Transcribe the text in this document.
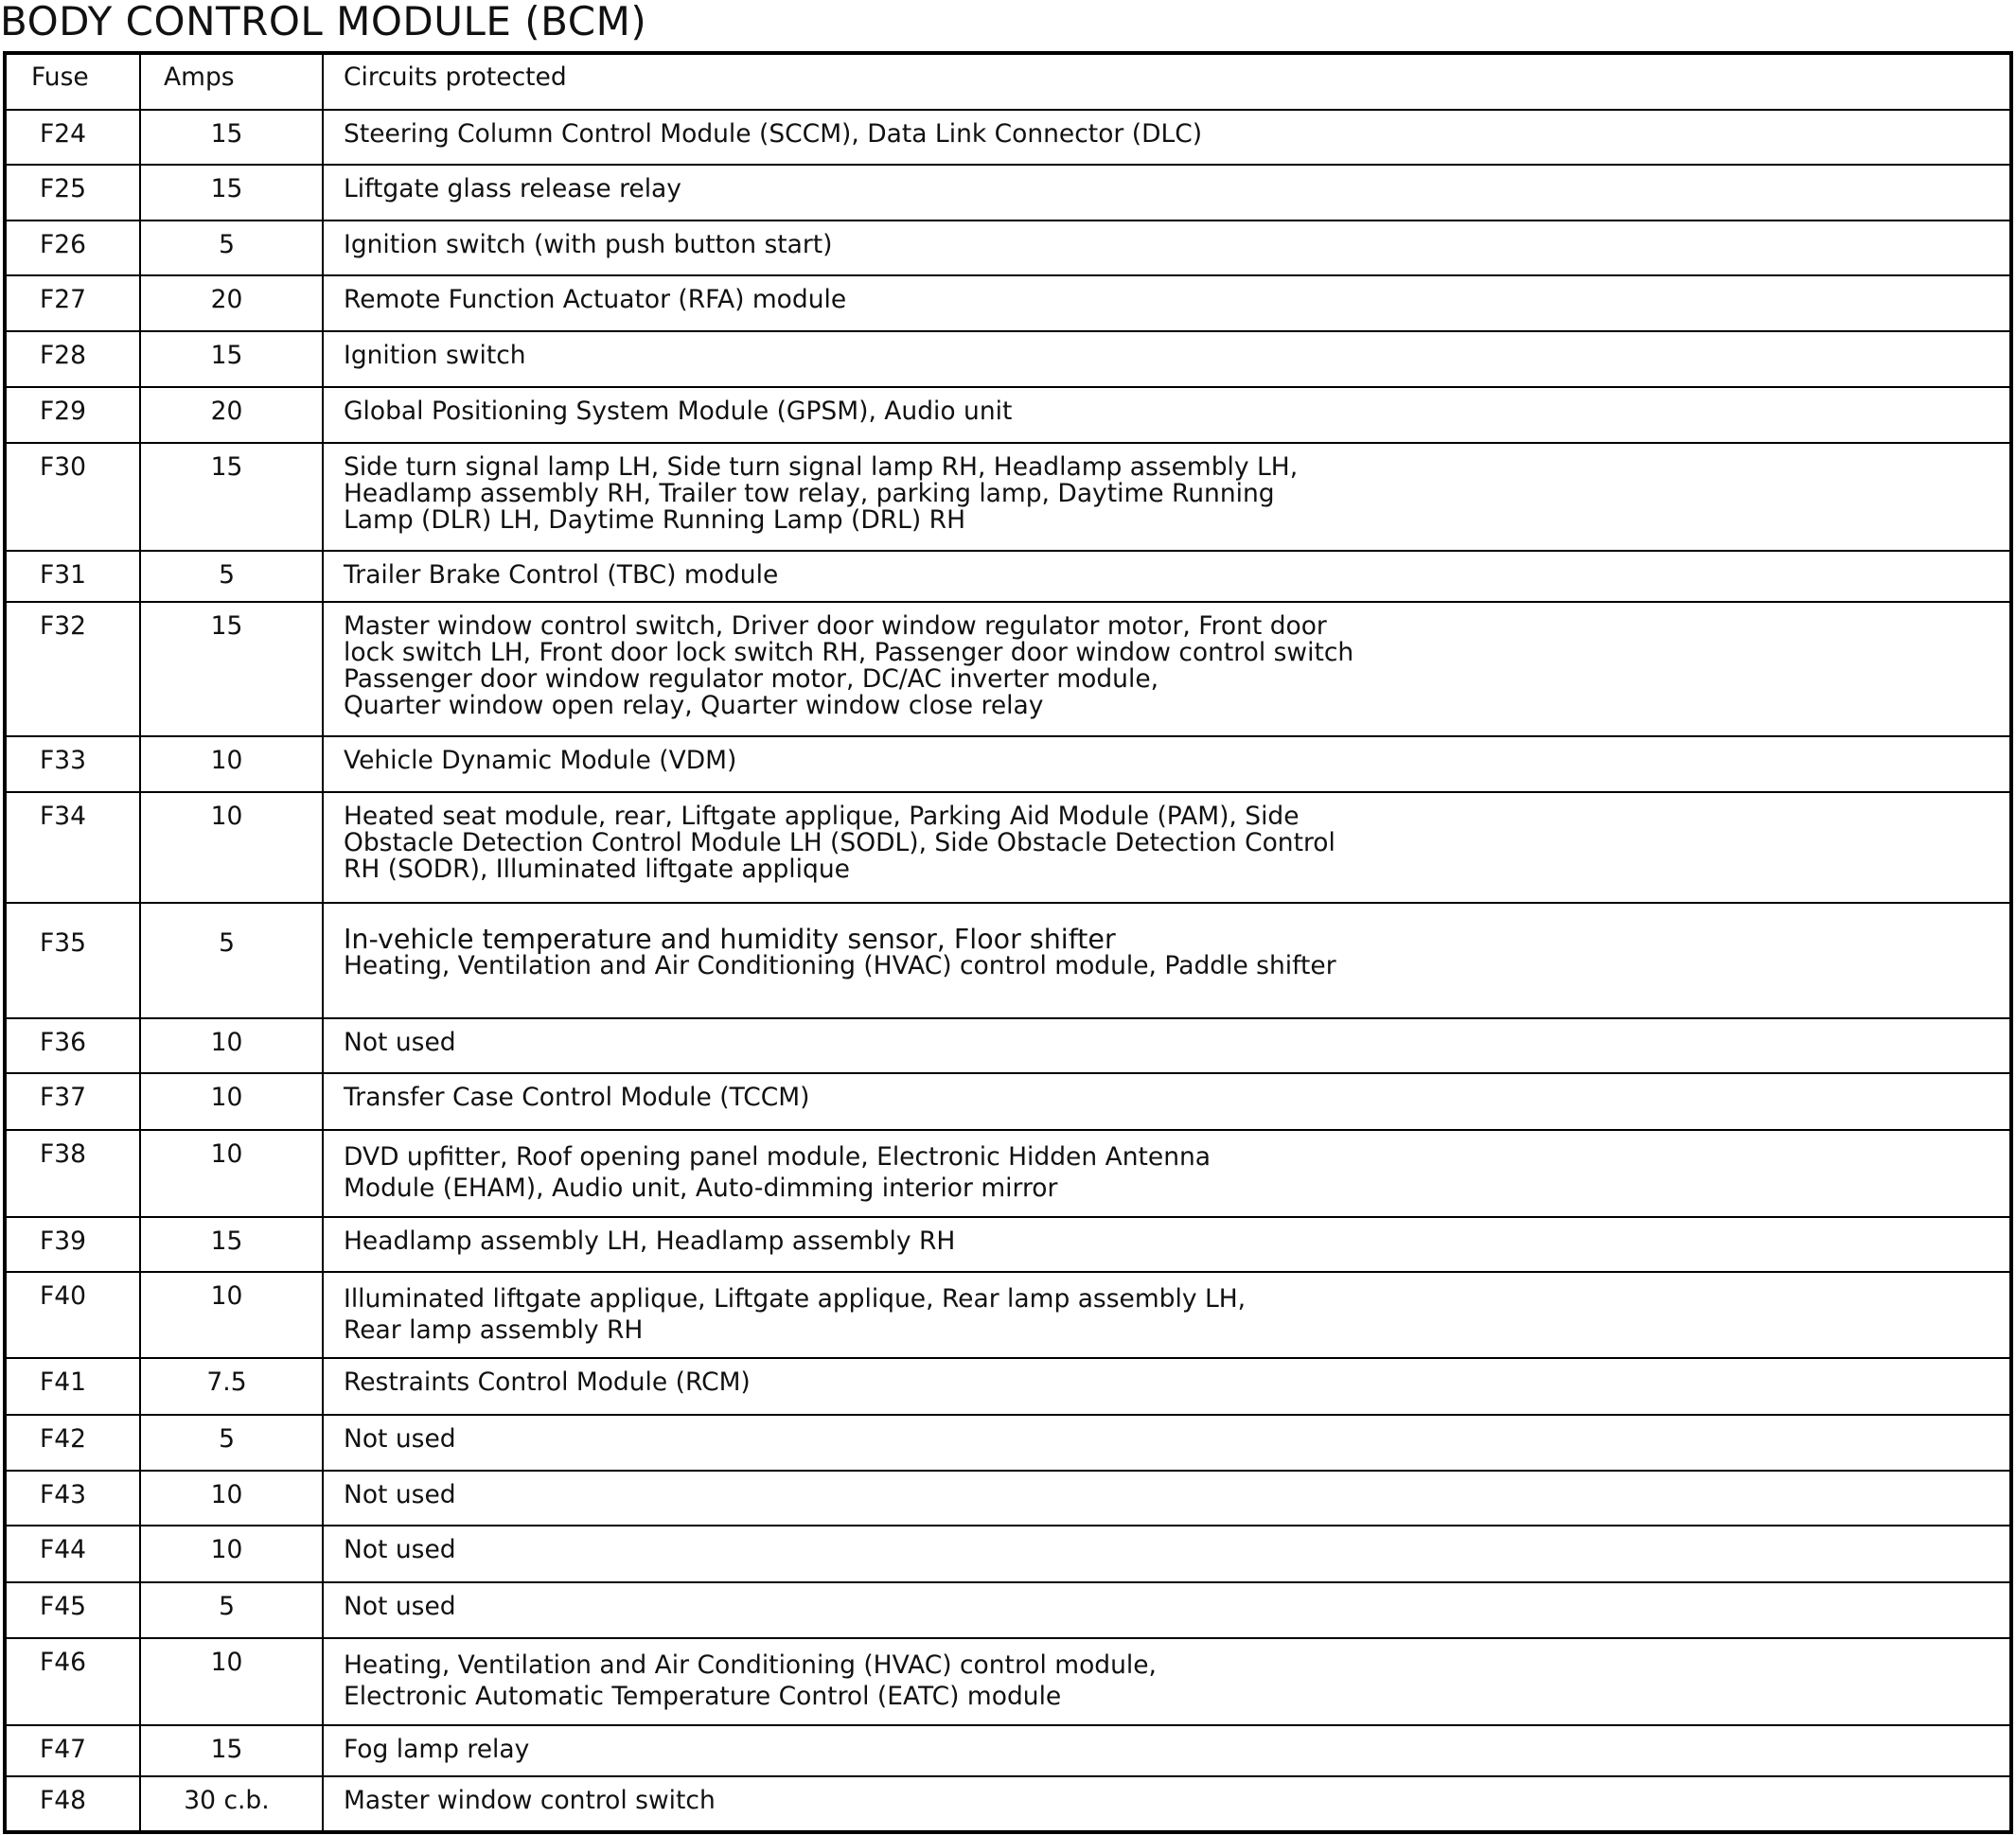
BODY CONTROL MODULE (BCM)
Fuse	Amps	Circuits protected

F24	15	Steering Column Control Module (SCCM), Data Link Connector (DLC)

F25	15	Liftgate glass release relay

F26	5	Ignition switch (with push button start)

F27	20	Remote Function Actuator (RFA) module

F28	15	Ignition switch

F29	20	Global Positioning System Module (GPSM), Audio unit

F30	15	Side turn signal lamp LH, Side turn signal lamp RH, Headlamp assembly LH,
Headlamp assembly RH, Trailer tow relay, parking lamp, Daytime Running
Lamp (DLR) LH, Daytime Running Lamp (DRL) RH

F31	5	Trailer Brake Control (TBC) module

F32	15	Master window control switch, Driver door window regulator motor, Front door
lock switch LH, Front door lock switch RH, Passenger door window control switch
Passenger door window regulator motor, DC/AC inverter module,
Quarter window open relay, Quarter window close relay

F33	10	Vehicle Dynamic Module (VDM)

F34	10	Heated seat module, rear, Liftgate applique, Parking Aid Module (PAM), Side
Obstacle Detection Control Module LH (SODL), Side Obstacle Detection Control
RH (SODR), Illuminated liftgate applique

F35	5	In-vehicle temperature and humidity sensor, Floor shifter
Heating, Ventilation and Air Conditioning (HVAC) control module, Paddle shifter

F36	10	Not used

F37	10	Transfer Case Control Module (TCCM)

F38	10	DVD upfitter, Roof opening panel module, Electronic Hidden Antenna
Module (EHAM), Audio unit, Auto-dimming interior mirror

F39	15	Headlamp assembly LH, Headlamp assembly RH

F40	10	Illuminated liftgate applique, Liftgate applique, Rear lamp assembly LH,
Rear lamp assembly RH

F41	7.5	Restraints Control Module (RCM)

F42	5	Not used

F43	10	Not used

F44	10	Not used

F45	5	Not used

F46	10	Heating, Ventilation and Air Conditioning (HVAC) control module,
Electronic Automatic Temperature Control (EATC) module

F47	15	Fog lamp relay

F48	30 c.b.	Master window control switch
